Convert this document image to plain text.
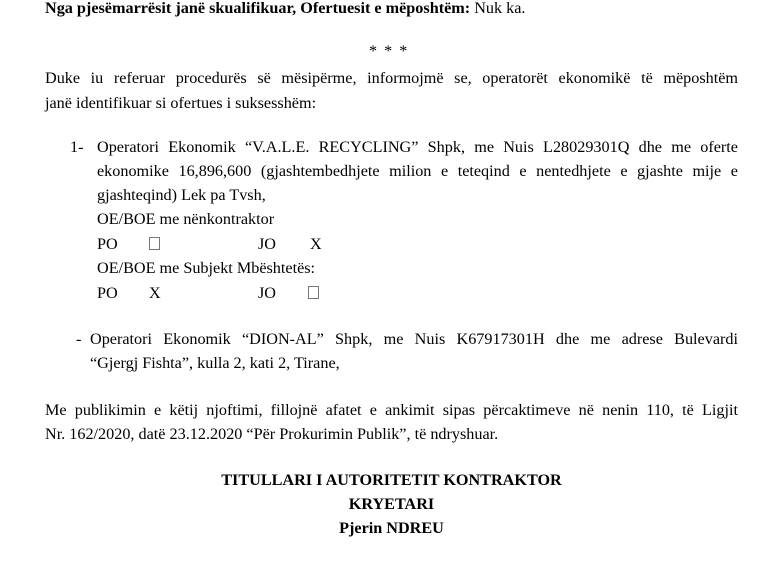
Nga pjesëmarrësit janë skualifikuar, Ofertuesit e mëposhtëm: Nuk ka.
* * *
Duke iu referuar procedurës së mësipërme, informojmë se, operatorët ekonomikë të mëposhtëm
janë identifikuar si ofertues i suksesshëm:
1- Operatori Ekonomik “V.A.L.E. RECYCLING” Shpk, me Nuis L28029301Q dhe me oferte
ekonomike 16,896,600 (gjashtembedhjete milion e teteqind e nentedhjete e gjashte mije e
gjashteqind) Lek pa Tvsh,
OE/BOE me nënkontraktor
PO	JO X
OE/BOE me Subjekt Mbështetës:
PO X	JO
- Operatori Ekonomik “DION-AL” Shpk, me Nuis K67917301H dhe me adrese Bulevardi
“Gjergj Fishta”, kulla 2, kati 2, Tirane,
Me publikimin e këtij njoftimi, fillojnë afatet e ankimit sipas përcaktimeve në nenin 110, të Ligjit
Nr. 162/2020, datë 23.12.2020 “Për Prokurimin Publik”, të ndryshuar.
TITULLARI I AUTORITETIT KONTRAKTOR
KRYETARI
Pjerin NDREU
